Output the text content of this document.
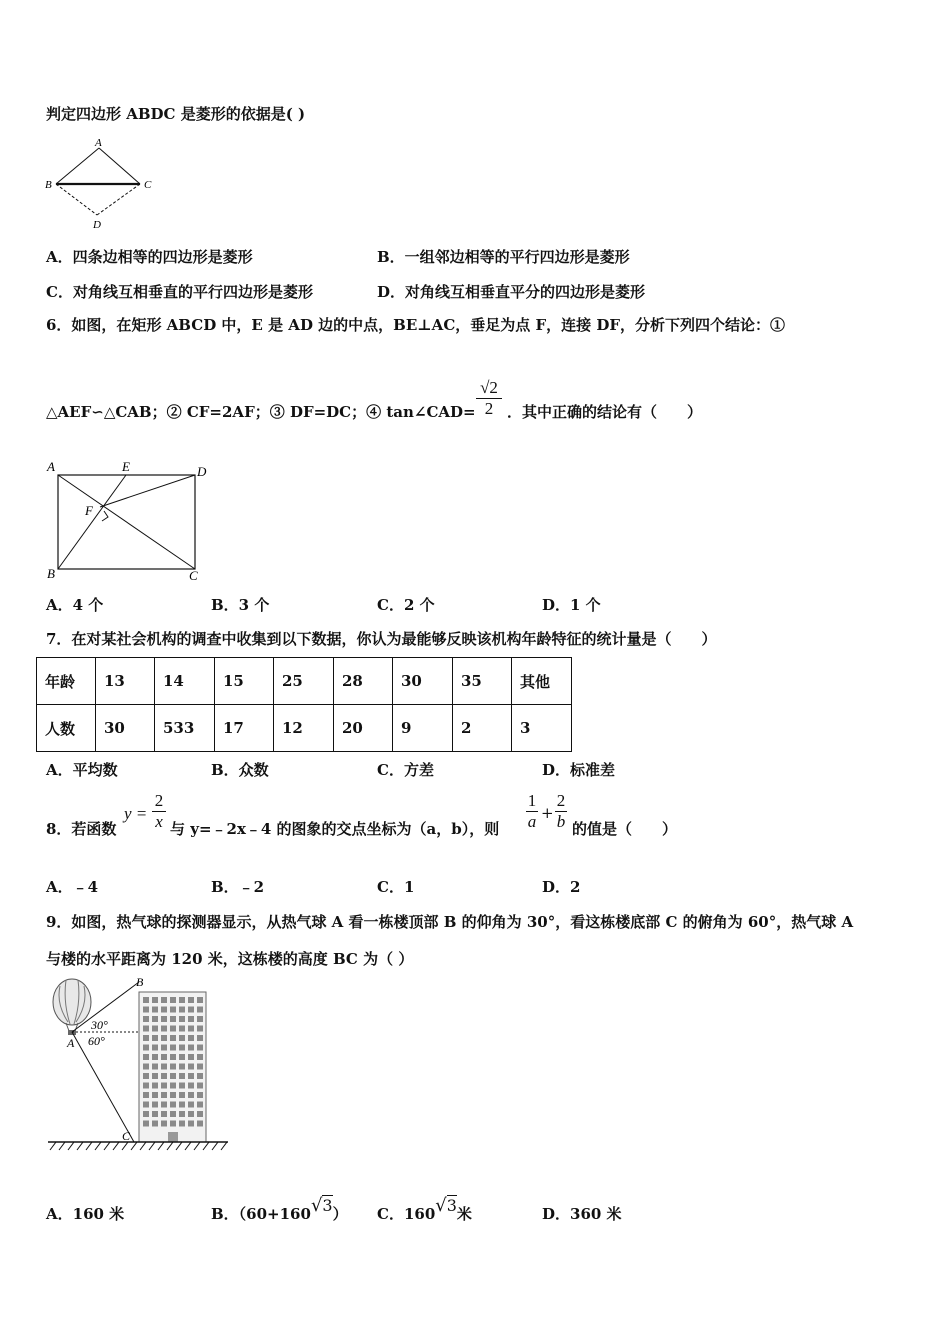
判定四边形 ABDC 是菱形的依据是( )
A
B	C
D
A．四条边相等的四边形是菱形	B．一组邻边相等的平行四边形是菱形
C．对角线互相垂直的平行四边形是菱形	D．对角线互相垂直平分的四边形是菱形
6．如图，在矩形 ABCD 中，E 是 AD 边的中点，BE⊥AC，垂足为点 F，连接 DF，分析下列四个结论：①
△AEF∽△CAB；② CF=2AF；③ DF=DC；④ tan∠CAD=
√2
2 ．其中正确的结论有（　　）
A	E	D
F
B	C
A．4 个	B．3 个	C．2 个	D．1 个
7．在对某社会机构的调查中收集到以下数据，你认为最能够反映该机构年龄特征的统计量是（　　）
年龄	13	14	15	25	28	30	35	其他
人数	30	533	17	12	20	9	2	3
A．平均数	B．众数	C．方差	D．标准差
8．若函数
y =
2
x 与 y=﹣2x﹣4 的图象的交点坐标为（a，b），则
1
a +
2
b 的值是（　　）
A．﹣4	B．﹣2	C．1	D．2
9．如图，热气球的探测器显示，从热气球 A 看一栋楼顶部 B 的仰角为 30°，看这栋楼底部 C 的俯角为 60°，热气球 A
与楼的水平距离为 120 米，这栋楼的高度 BC 为（ ）
B
30°
A 60°
C
A．160 米	B．（60+160√3） C．160√3米	D．360 米
